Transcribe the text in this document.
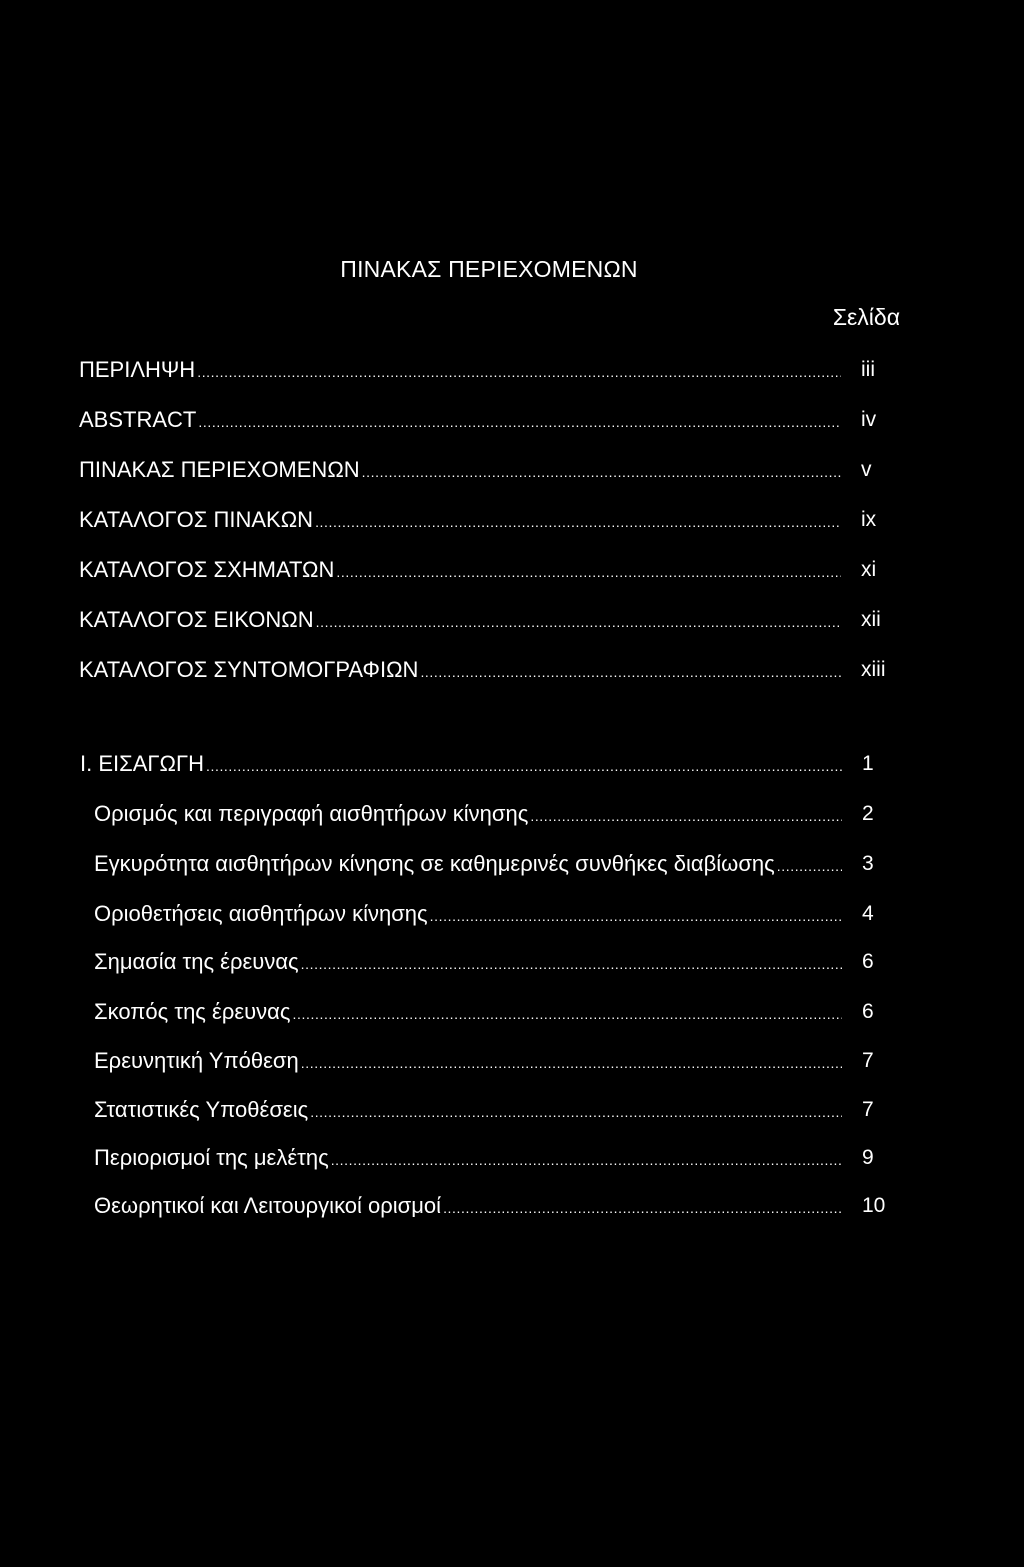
ΠΙΝΑΚΑΣ ΠΕΡΙΕΧΟΜΕΝΩΝ
Σελίδα
ΠΕΡΙΛΗΨΗ .....	iii
ABSTRACT .....	iv
ΠΙΝΑΚΑΣ ΠΕΡΙΕΧΟΜΕΝΩΝ .....	v
ΚΑΤΑΛΟΓΟΣ ΠΙΝΑΚΩΝ .....	ix
ΚΑΤΑΛΟΓΟΣ ΣΧΗΜΑΤΩΝ .....	xi
ΚΑΤΑΛΟΓΟΣ ΕΙΚΟΝΩΝ .....	xii
ΚΑΤΑΛΟΓΟΣ ΣΥΝΤΟΜΟΓΡΑΦΙΩΝ .....	xiii
I. ΕΙΣΑΓΩΓΗ .....	1
Ορισμός και περιγραφή αισθητήρων κίνησης .....	2
Εγκυρότητα αισθητήρων κίνησης σε καθημερινές συνθήκες διαβίωσης .....	3
Οριοθετήσεις αισθητήρων κίνησης .....	4
Σημασία της έρευνας .....	6
Σκοπός της έρευνας .....	6
Ερευνητική Υπόθεση .....	7
Στατιστικές Υποθέσεις .....	7
Περιορισμοί της μελέτης .....	9
Θεωρητικοί και Λειτουργικοί ορισμοί .....	10
